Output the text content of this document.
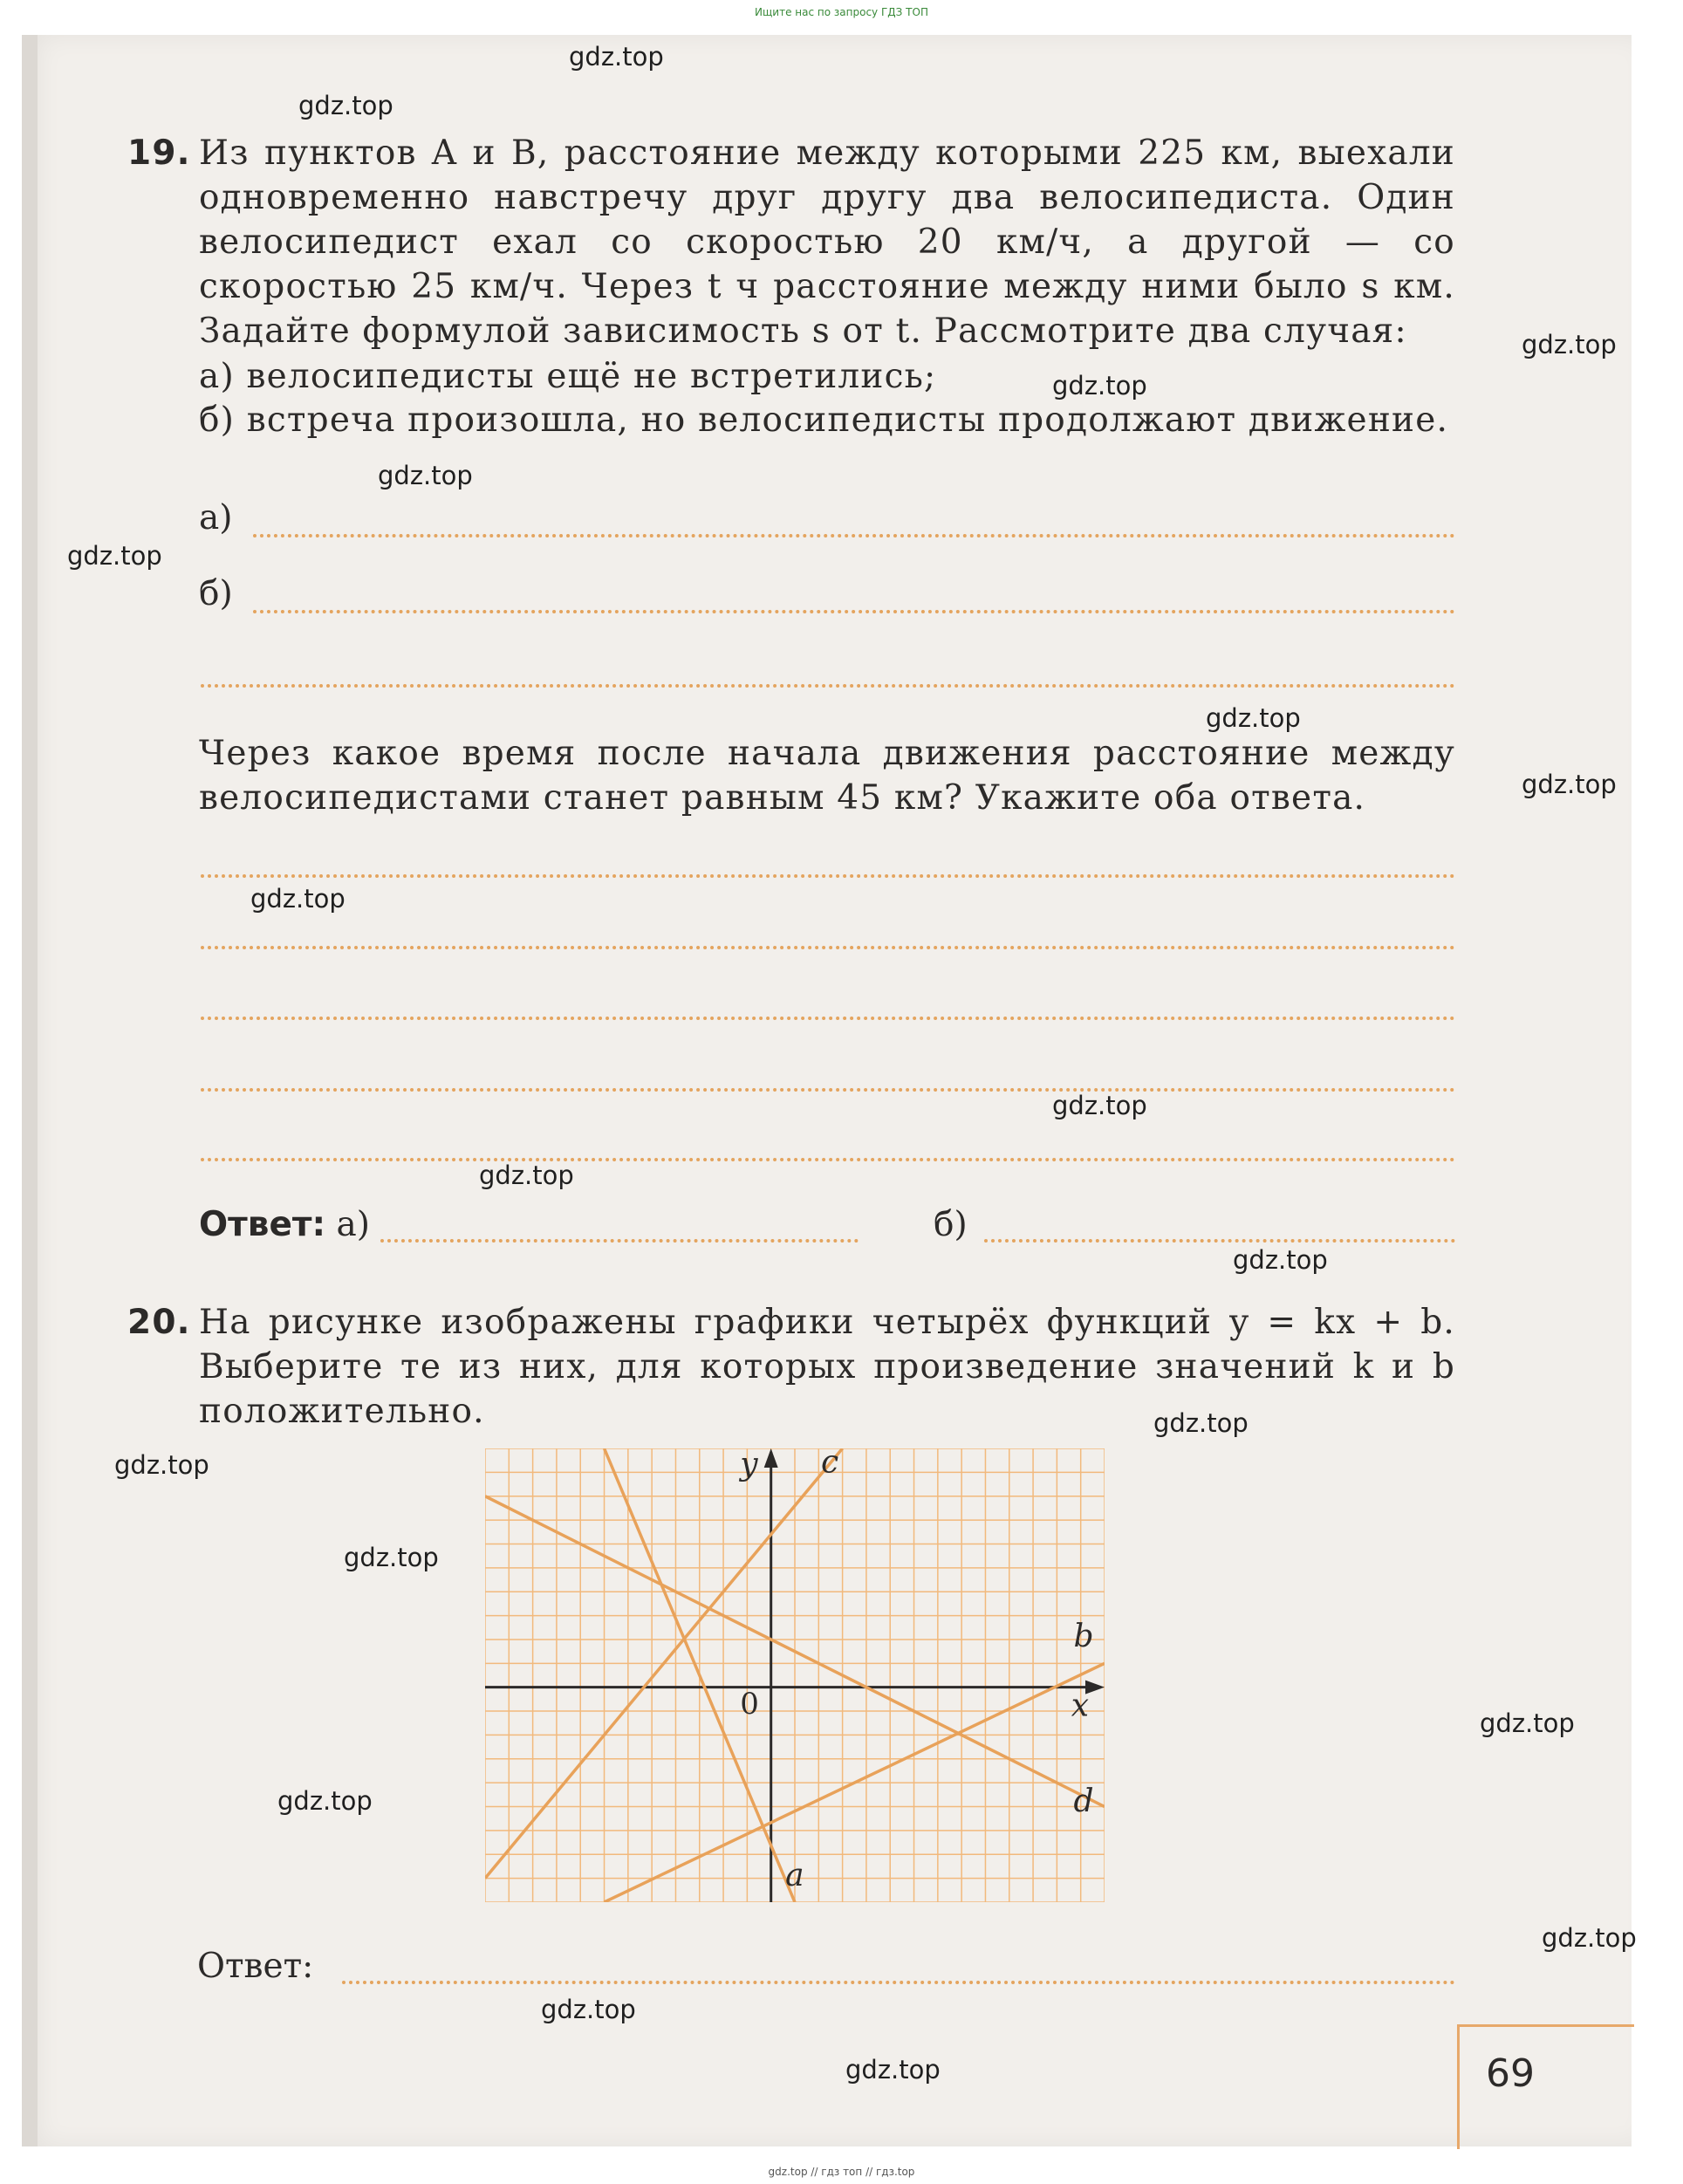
Ищите нас по запросу ГДЗ ТОП
gdz.top
gdz.top
gdz.top
gdz.top
gdz.top
gdz.top
gdz.top
gdz.top
gdz.top
gdz.top
gdz.top
gdz.top
gdz.top
gdz.top
gdz.top
gdz.top
gdz.top
gdz.top
gdz.top
gdz.top
19. Из пунктов A и B, расстояние между которыми 225 км, выехали одновременно навстречу друг другу два велосипедиста. Один велосипедист ехал со скоростью 20 км/ч, а другой — со скоростью 25 км/ч. Через t ч расстояние между ними было s км. Задайте формулой зависимость s от t. Рассмотрите два случая:
а) велосипедисты ещё не встретились;
б) встреча произошла, но велосипедисты продолжают движение.
а)
б)
Через какое время после начала движения расстояние между велосипедистами станет равным 45 км? Укажите оба ответа.
Ответ: а)	б)
20. На рисунке изображены графики четырёх функций y = kx + b. Выберите те из них, для которых произведение значений k и b положительно.
a
b
c
d
x
y
0
Ответ:
69
gdz.top // гдз топ // гдз.top
